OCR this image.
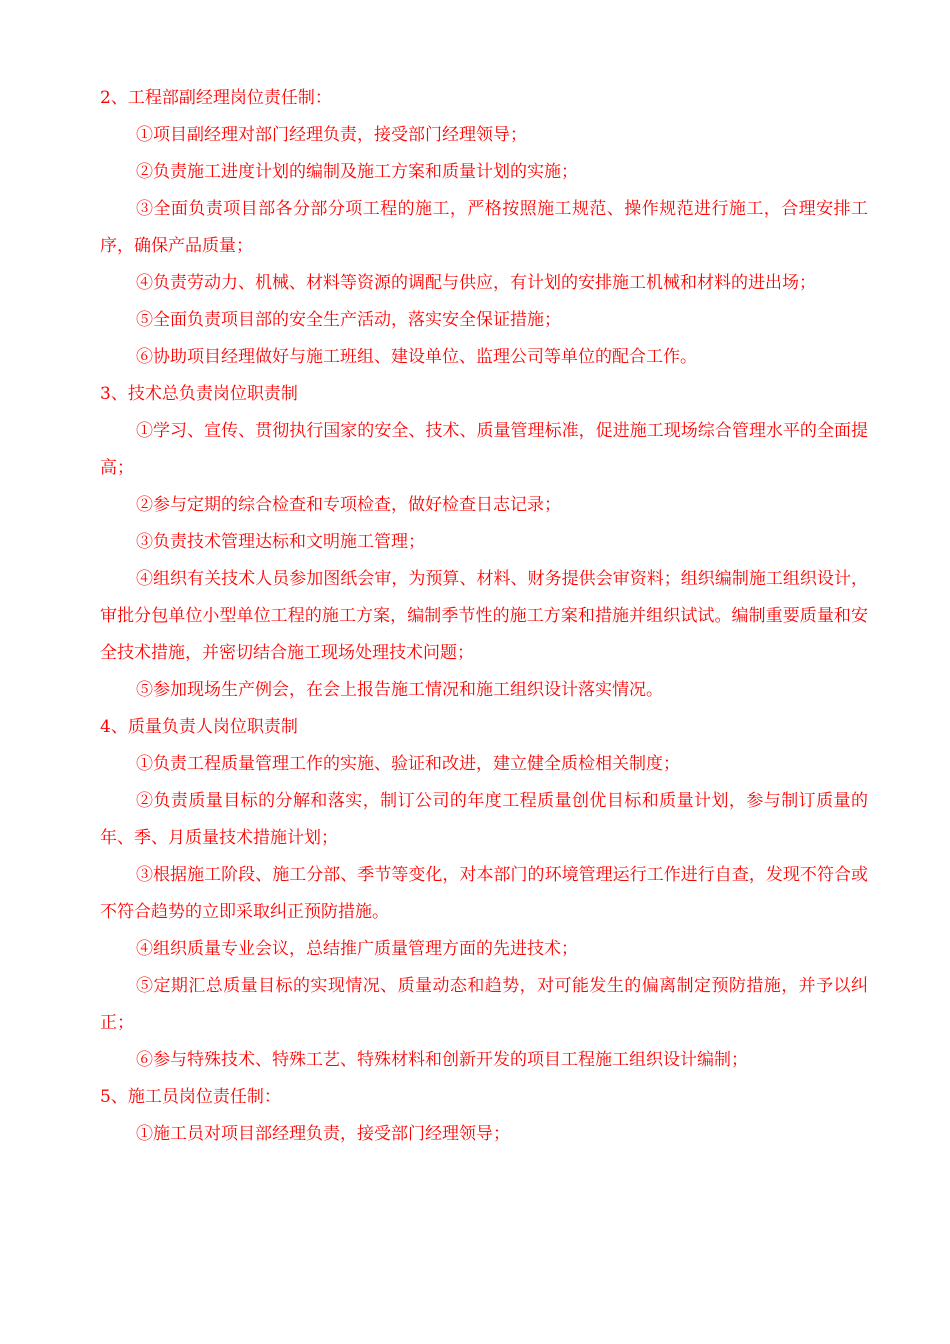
2、工程部副经理岗位责任制：

①项目副经理对部门经理负责，接受部门经理领导；

②负责施工进度计划的编制及施工方案和质量计划的实施；

③全面负责项目部各分部分项工程的施工，严格按照施工规范、操作规范进行施工，合理安排工序，确保产品质量；

④负责劳动力、机械、材料等资源的调配与供应，有计划的安排施工机械和材料的进出场；

⑤全面负责项目部的安全生产活动，落实安全保证措施；

⑥协助项目经理做好与施工班组、建设单位、监理公司等单位的配合工作。

3、技术总负责岗位职责制

①学习、宣传、贯彻执行国家的安全、技术、质量管理标准，促进施工现场综合管理水平的全面提高；

②参与定期的综合检查和专项检查，做好检查日志记录；

③负责技术管理达标和文明施工管理；

④组织有关技术人员参加图纸会审，为预算、材料、财务提供会审资料；组织编制施工组织设计，审批分包单位小型单位工程的施工方案，编制季节性的施工方案和措施并组织试试。编制重要质量和安全技术措施，并密切结合施工现场处理技术问题；

⑤参加现场生产例会，在会上报告施工情况和施工组织设计落实情况。

4、质量负责人岗位职责制

①负责工程质量管理工作的实施、验证和改进，建立健全质检相关制度；

②负责质量目标的分解和落实，制订公司的年度工程质量创优目标和质量计划，参与制订质量的年、季、月质量技术措施计划；

③根据施工阶段、施工分部、季节等变化，对本部门的环境管理运行工作进行自查，发现不符合或不符合趋势的立即采取纠正预防措施。

④组织质量专业会议，总结推广质量管理方面的先进技术；

⑤定期汇总质量目标的实现情况、质量动态和趋势，对可能发生的偏离制定预防措施，并予以纠正；

⑥参与特殊技术、特殊工艺、特殊材料和创新开发的项目工程施工组织设计编制；

5、施工员岗位责任制：

①施工员对项目部经理负责，接受部门经理领导；
